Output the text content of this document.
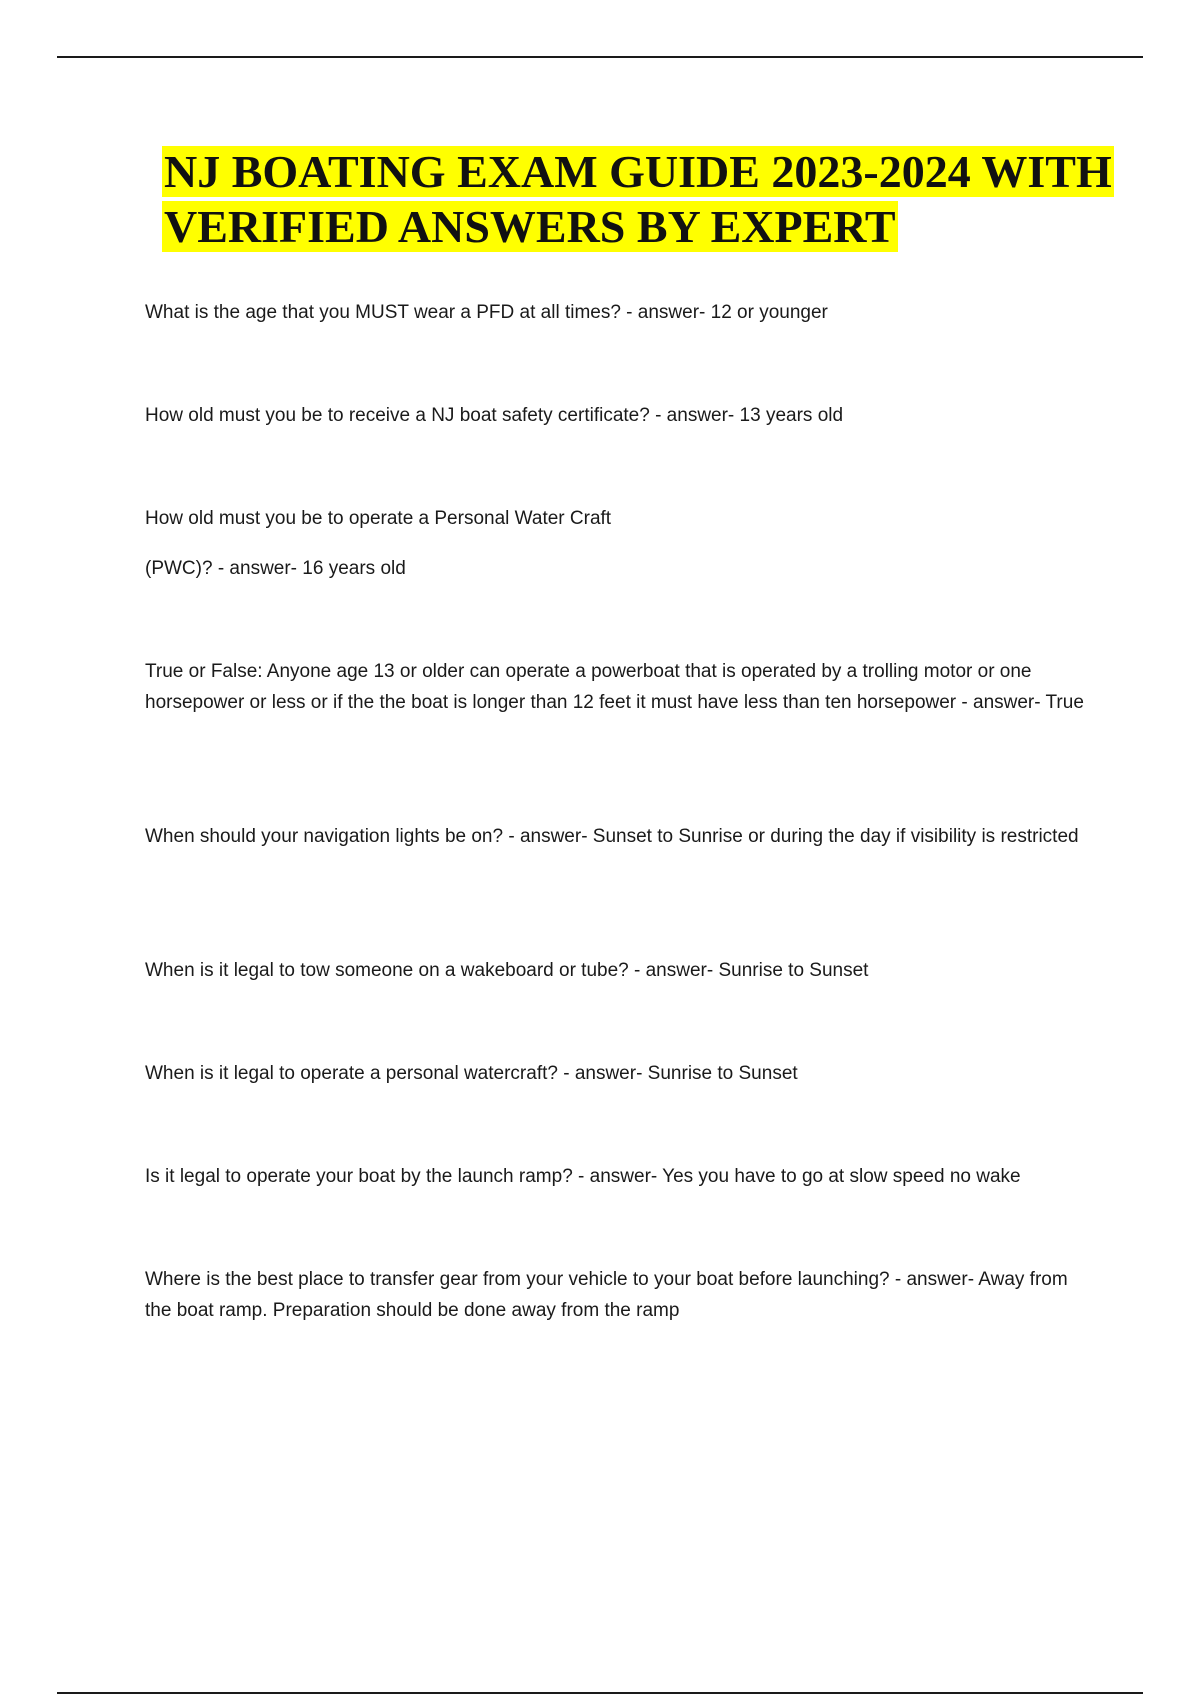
NJ BOATING EXAM GUIDE 2023-2024 WITH
VERIFIED ANSWERS BY EXPERT

What is the age that you MUST wear a PFD at all times? - answer- 12 or younger

How old must you be to receive a NJ boat safety certificate? - answer- 13 years old

How old must you be to operate a Personal Water Craft

(PWC)? - answer- 16 years old

True or False: Anyone age 13 or older can operate a powerboat that is operated by a trolling motor or one horsepower or less or if the the boat is longer than 12 feet it must have less than ten horsepower - answer- True

When should your navigation lights be on? - answer- Sunset to Sunrise or during the day if visibility is restricted

When is it legal to tow someone on a wakeboard or tube? - answer- Sunrise to Sunset

When is it legal to operate a personal watercraft? - answer- Sunrise to Sunset

Is it legal to operate your boat by the launch ramp? - answer- Yes you have to go at slow speed no wake

Where is the best place to transfer gear from your vehicle to your boat before launching? - answer- Away from the boat ramp. Preparation should be done away from the ramp
